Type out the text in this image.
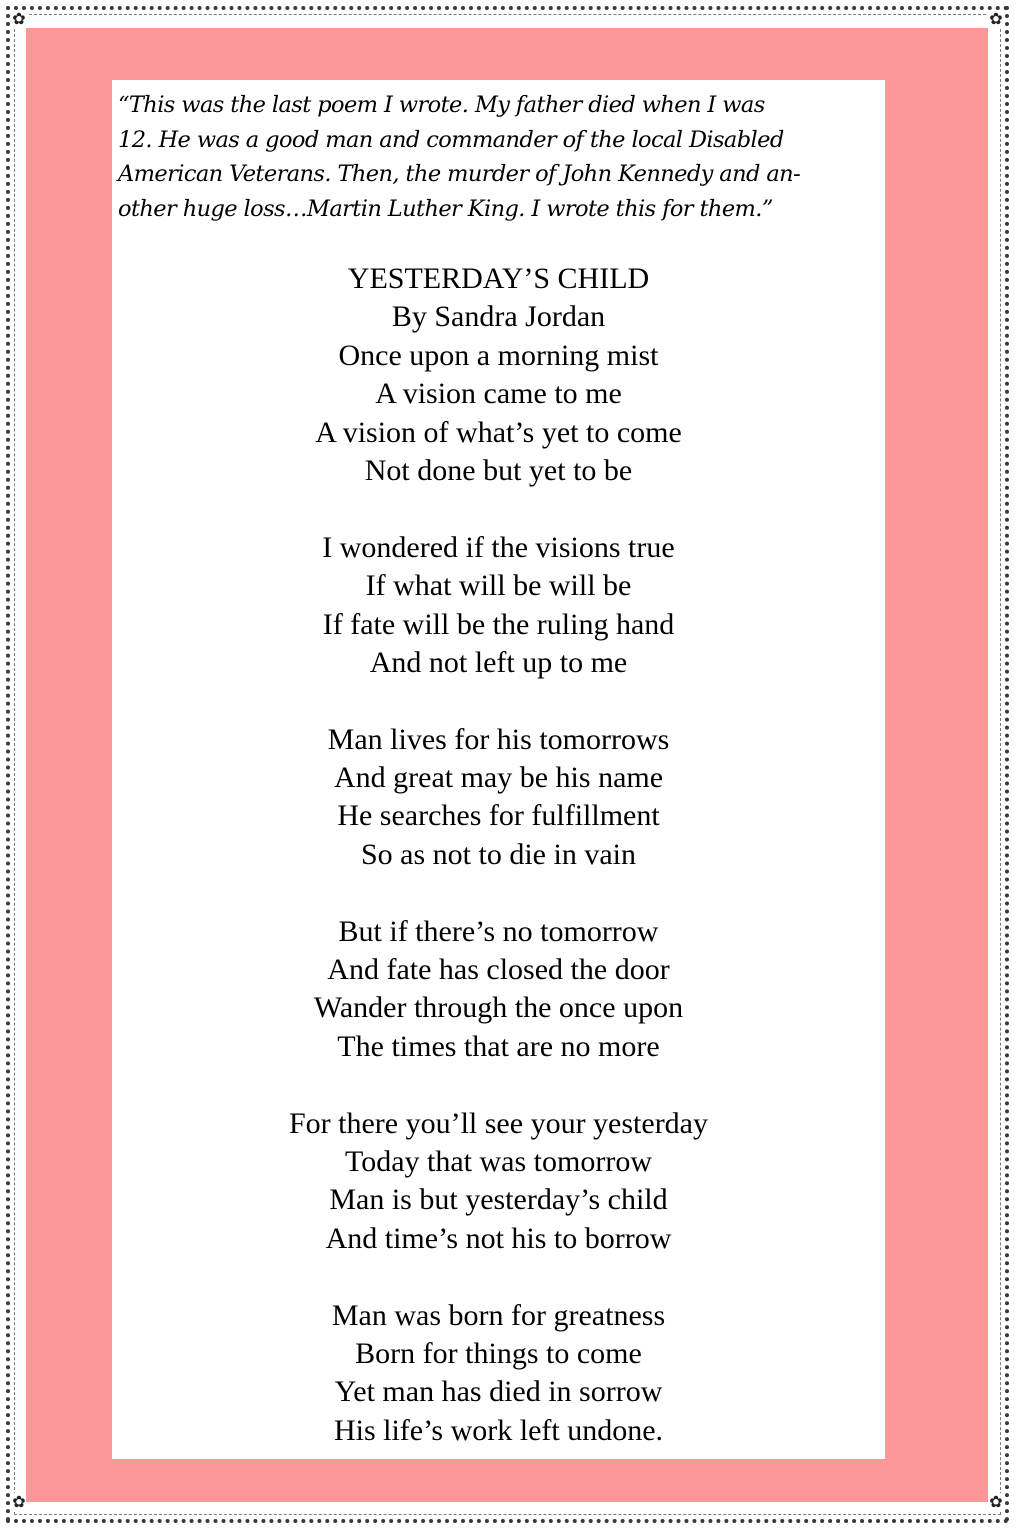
✿	✿
✿	✿

“This was the last poem I wrote. My father died when I was
12. He was a good man and commander of the local Disabled
American Veterans. Then, the murder of John Kennedy and an-
other huge loss…Martin Luther King. I wrote this for them.”

YESTERDAY’S CHILD
By Sandra Jordan
Once upon a morning mist
A vision came to me
A vision of what’s yet to come
Not done but yet to be
I wondered if the visions true
If what will be will be
If fate will be the ruling hand
And not left up to me
Man lives for his tomorrows
And great may be his name
He searches for fulfillment
So as not to die in vain
But if there’s no tomorrow
And fate has closed the door
Wander through the once upon
The times that are no more
For there you’ll see your yesterday
Today that was tomorrow
Man is but yesterday’s child
And time’s not his to borrow
Man was born for greatness
Born for things to come
Yet man has died in sorrow
His life’s work left undone.
